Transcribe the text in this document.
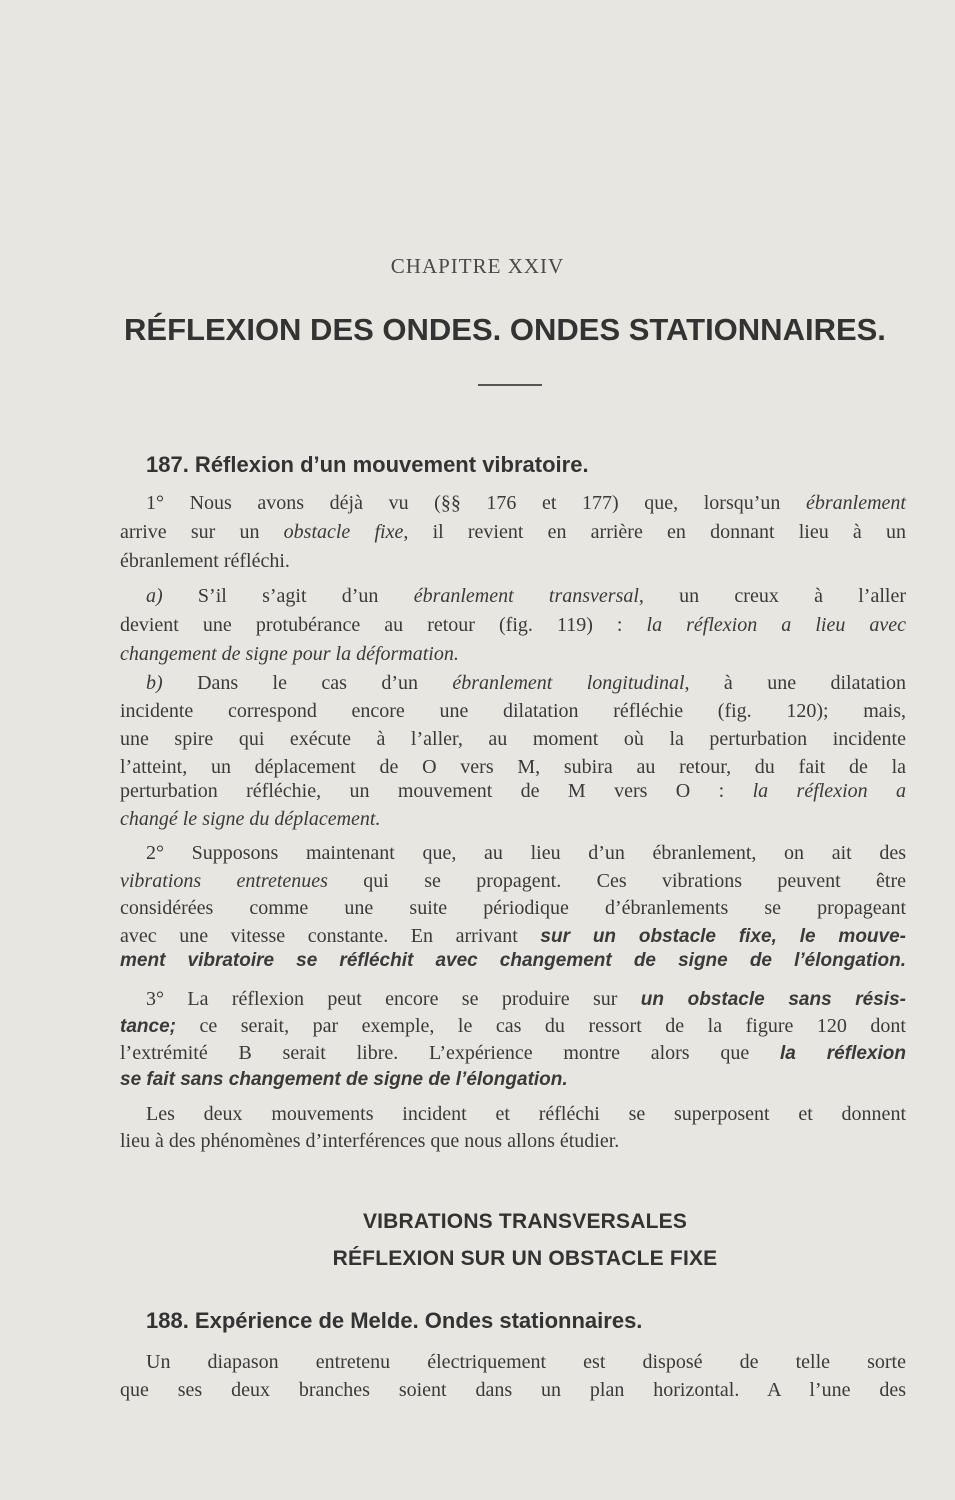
CHAPITRE XXIV
RÉFLEXION DES ONDES. ONDES STATIONNAIRES.
187. Réflexion d’un mouvement vibratoire.
1° Nous avons déjà vu (§§ 176 et 177) que, lorsqu’un ébranlement
arrive sur un obstacle fixe, il revient en arrière en donnant lieu à un
ébranlement réfléchi.
a) S’il s’agit d’un ébranlement transversal, un creux à l’aller
devient une protubérance au retour (fig. 119) : la réflexion a lieu avec
changement de signe pour la déformation.
b) Dans le cas d’un ébranlement longitudinal, à une dilatation
incidente correspond encore une dilatation réfléchie (fig. 120); mais,
une spire qui exécute à l’aller, au moment où la perturbation incidente
l’atteint, un déplacement de O vers M, subira au retour, du fait de la
perturbation réfléchie, un mouvement de M vers O : la réflexion a
changé le signe du déplacement.
2° Supposons maintenant que, au lieu d’un ébranlement, on ait des
vibrations entretenues qui se propagent. Ces vibrations peuvent être
considérées comme une suite périodique d’ébranlements se propageant
avec une vitesse constante. En arrivant sur un obstacle fixe, le mouve-
ment vibratoire se réfléchit avec changement de signe de l’élongation.
3° La réflexion peut encore se produire sur un obstacle sans résis-
tance; ce serait, par exemple, le cas du ressort de la figure 120 dont
l’extrémité B serait libre. L’expérience montre alors que la réflexion
se fait sans changement de signe de l’élongation.
Les deux mouvements incident et réfléchi se superposent et donnent
lieu à des phénomènes d’interférences que nous allons étudier.
VIBRATIONS TRANSVERSALES
RÉFLEXION SUR UN OBSTACLE FIXE
188. Expérience de Melde. Ondes stationnaires.
Un diapason entretenu électriquement est disposé de telle sorte
que ses deux branches soient dans un plan horizontal. A l’une des
